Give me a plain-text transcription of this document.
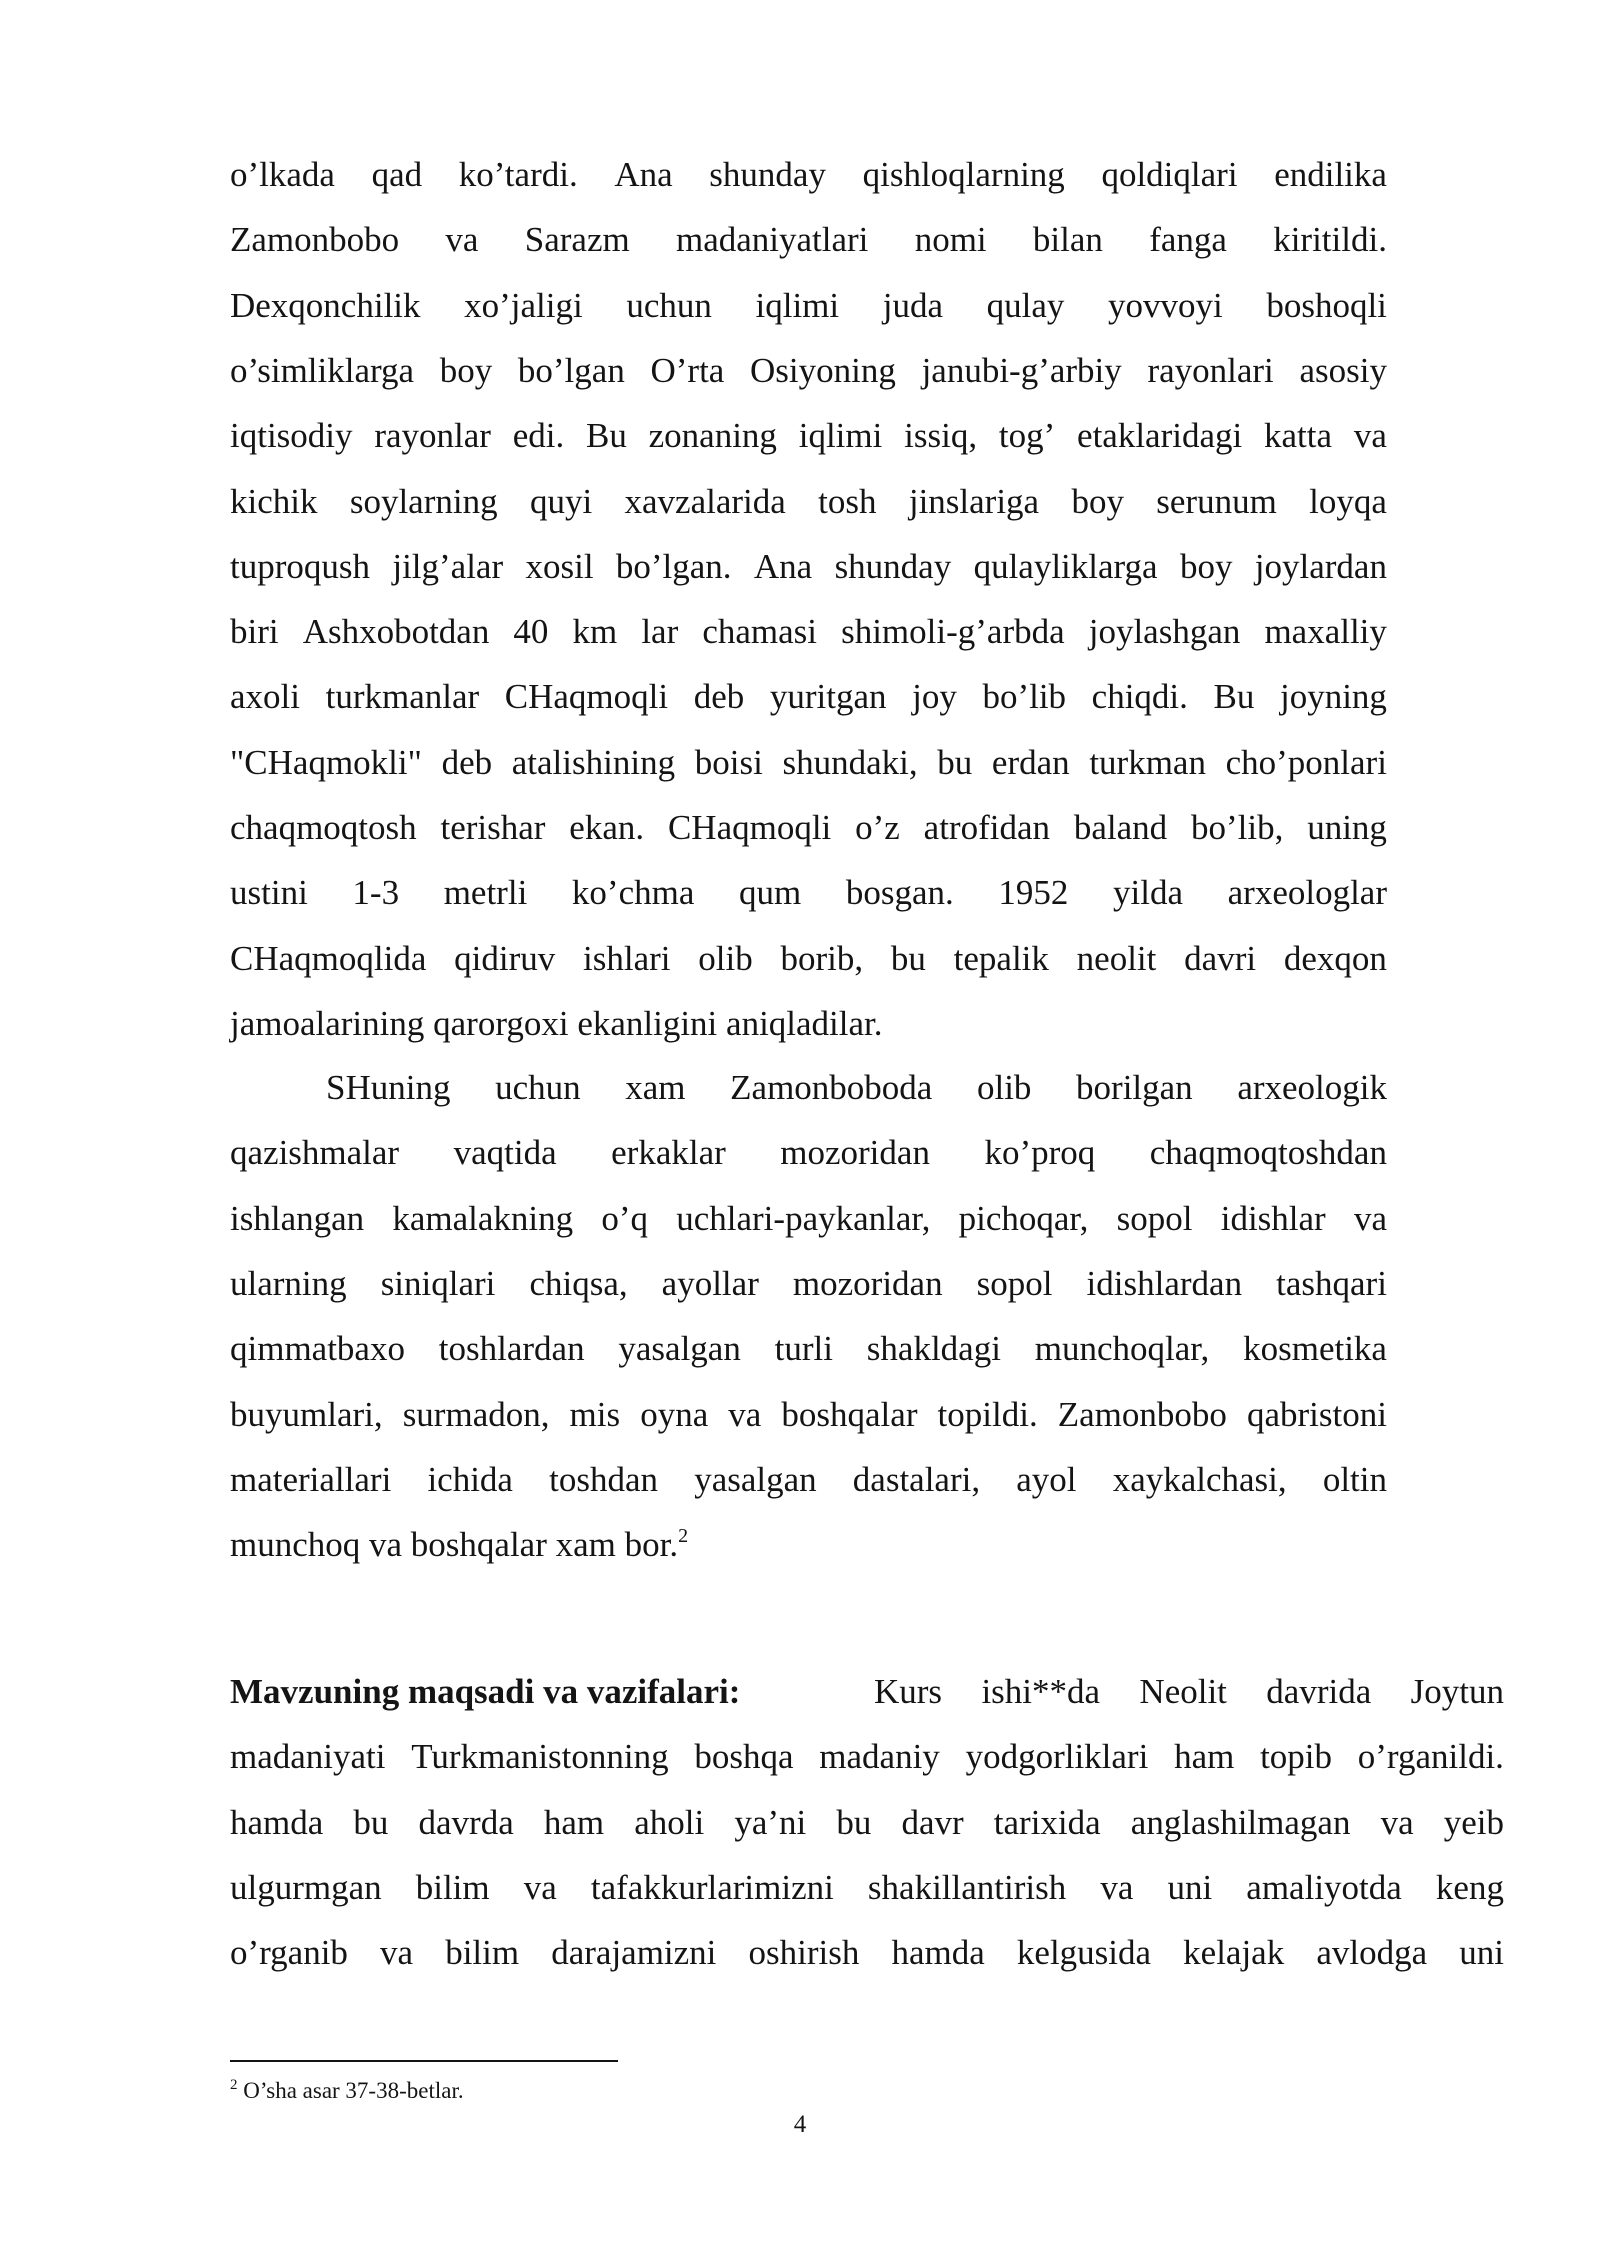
o’lkada qad ko’tardi. Ana shunday qishloqlarning qoldiqlari endilika
Zamonbobo va Sarazm madaniyatlari nomi bilan fanga kiritildi.
Dexqonchilik xo’jaligi uchun iqlimi juda qulay yovvoyi boshoqli
o’simliklarga boy bo’lgan O’rta Osiyoning janubi-g’arbiy rayonlari asosiy
iqtisodiy rayonlar edi. Bu zonaning iqlimi issiq, tog’ etaklaridagi katta va
kichik soylarning quyi xavzalarida tosh jinslariga boy serunum loyqa
tuproqush jilg’alar xosil bo’lgan. Ana shunday qulayliklarga boy joylardan
biri Ashxobotdan 40 km lar chamasi shimoli-g’arbda joylashgan maxalliy
axoli turkmanlar CHaqmoqli deb yuritgan joy bo’lib chiqdi. Bu joyning
"CHaqmokli" deb atalishining boisi shundaki, bu erdan turkman cho’ponlari
chaqmoqtosh terishar ekan. CHaqmoqli o’z atrofidan baland bo’lib, uning
ustini 1-3 metrli ko’chma qum bosgan. 1952 yilda arxeologlar
CHaqmoqlida qidiruv ishlari olib borib, bu tepalik neolit davri dexqon
jamoalarining qarorgoxi ekanligini aniqladilar.
SHuning uchun xam Zamonboboda olib borilgan arxeologik
qazishmalar vaqtida erkaklar mozoridan ko’proq chaqmoqtoshdan
ishlangan kamalakning o’q uchlari-paykanlar, pichoqar, sopol idishlar va
ularning siniqlari chiqsa, ayollar mozoridan sopol idishlardan tashqari
qimmatbaxo toshlardan yasalgan turli shakldagi munchoqlar, kosmetika
buyumlari, surmadon, mis oyna va boshqalar topildi. Zamonbobo qabristoni
materiallari ichida toshdan yasalgan dastalari, ayol xaykalchasi, oltin
munchoq va boshqalar xam bor.$^2$
Mavzuning maqsadi va vazifalari:	Kurs ishi**da Neolit davrida Joytun
madaniyati Turkmanistonning boshqa madaniy yodgorliklari ham topib o’rganildi.
hamda bu davrda ham aholi ya’ni bu davr tarixida anglashilmagan va yeib
ulgurmgan bilim va tafakkurlarimizni shakillantirish va uni amaliyotda keng
o’rganib va bilim darajamizni oshirish hamda kelgusida kelajak avlodga uni
$^2$ O’sha asar 37-38-betlar.
4
